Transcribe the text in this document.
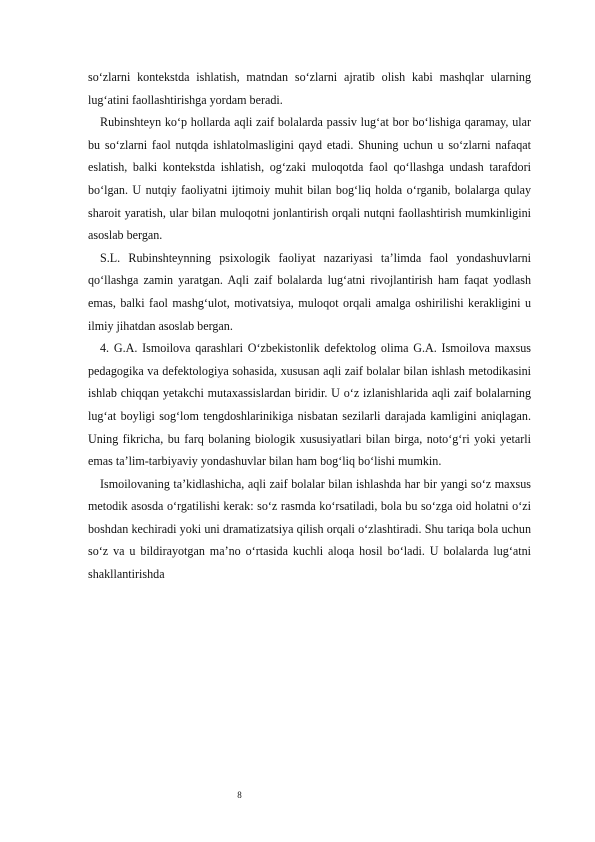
so‘zlarni kontekstda ishlatish, matndan so‘zlarni ajratib olish kabi mashqlar ularning lug‘atini faollashtirishga yordam beradi.

Rubinshteyn ko‘p hollarda aqli zaif bolalarda passiv lug‘at bor bo‘lishiga qaramay, ular bu so‘zlarni faol nutqda ishlatolmasligini qayd etadi. Shuning uchun u so‘zlarni nafaqat eslatish, balki kontekstda ishlatish, og‘zaki muloqotda faol qo‘llashga undash tarafdori bo‘lgan. U nutqiy faoliyatni ijtimoiy muhit bilan bog‘liq holda o‘rganib, bolalarga qulay sharoit yaratish, ular bilan muloqotni jonlantirish orqali nutqni faollashtirish mumkinligini asoslab bergan.

S.L. Rubinshteynning psixologik faoliyat nazariyasi ta’limda faol yondashuvlarni qo‘llashga zamin yaratgan. Aqli zaif bolalarda lug‘atni rivojlantirish ham faqat yodlash emas, balki faol mashg‘ulot, motivatsiya, muloqot orqali amalga oshirilishi kerakligini u ilmiy jihatdan asoslab bergan.

4. G.A. Ismoilova qarashlari O‘zbekistonlik defektolog olima G.A. Ismoilova maxsus pedagogika va defektologiya sohasida, xususan aqli zaif bolalar bilan ishlash metodikasini ishlab chiqqan yetakchi mutaxassislardan biridir. U o‘z izlanishlarida aqli zaif bolalarning lug‘at boyligi sog‘lom tengdoshlarinikiga nisbatan sezilarli darajada kamligini aniqlagan. Uning fikricha, bu farq bolaning biologik xususiyatlari bilan birga, noto‘g‘ri yoki yetarli emas ta’lim-tarbiyaviy yondashuvlar bilan ham bog‘liq bo‘lishi mumkin.

Ismoilovaning ta’kidlashicha, aqli zaif bolalar bilan ishlashda har bir yangi so‘z maxsus metodik asosda o‘rgatilishi kerak: so‘z rasmda ko‘rsatiladi, bola bu so‘zga oid holatni o‘zi boshdan kechiradi yoki uni dramatizatsiya qilish orqali o‘zlashtiradi. Shu tariqa bola uchun so‘z va u bildirayotgan ma’no o‘rtasida kuchli aloqa hosil bo‘ladi. U bolalarda lug‘atni shakllantirishda

8
